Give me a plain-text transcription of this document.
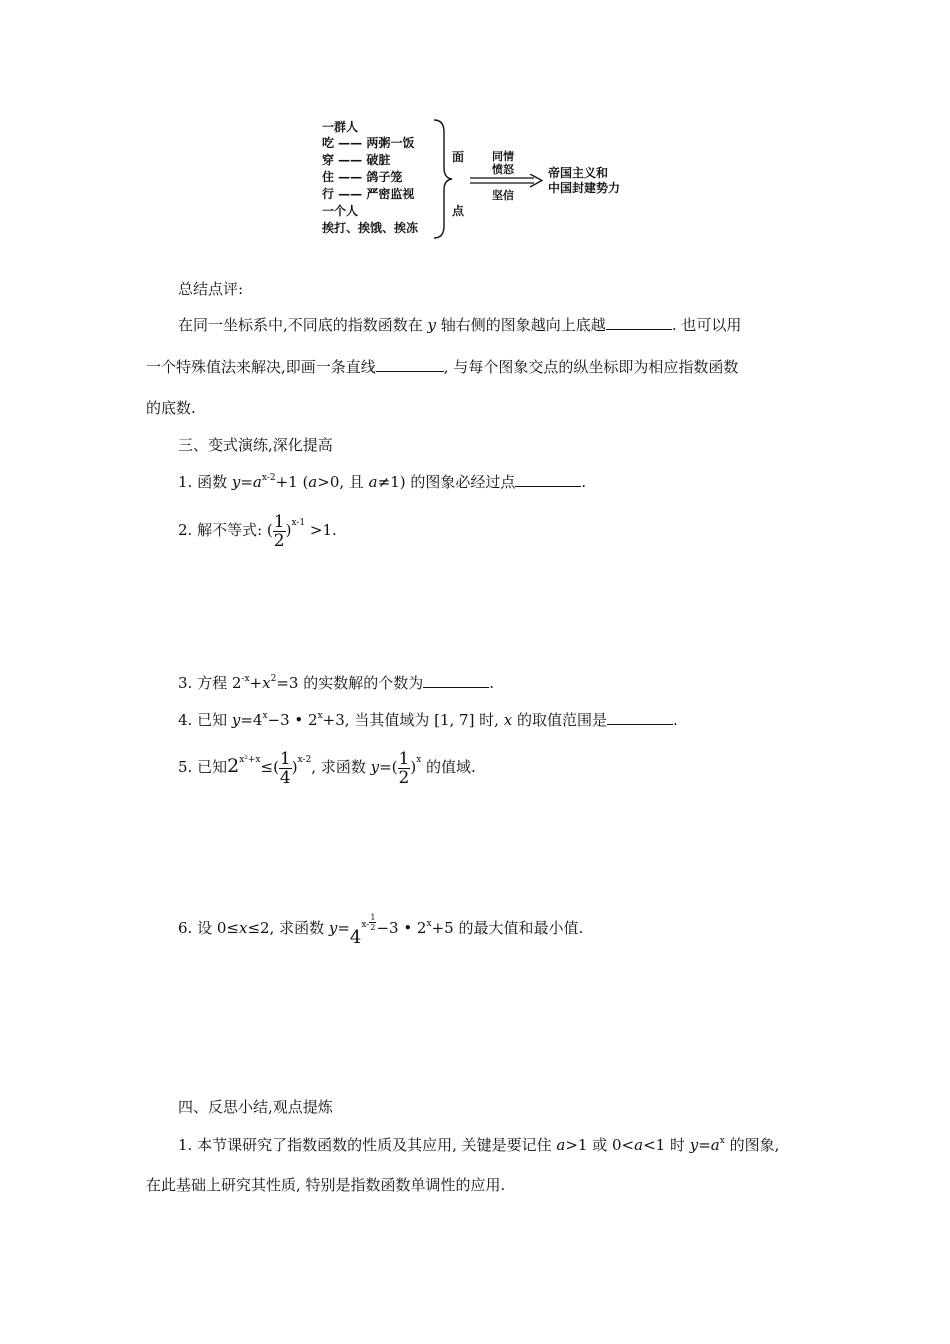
一群人
吃 —— 两粥一饭
穿 —— 破脏
住 —— 鸽子笼
行 —— 严密监视
一个人
挨打、挨饿、挨冻
面
点
同情
愤怒
坚信
帝国主义和
中国封建势力
总结点评:
在同一坐标系中,不同底的指数函数在 y 轴右侧的图象越向上底越	. 也可以用
一个特殊值法来解决,即画一条直线	, 与每个图象交点的纵坐标即为相应指数函数
的底数.
三、变式演练,深化提高
1. 函数 $y=a^{x-2}+1$ (a>0, 且 a≠1) 的图象必经过点	.
2. 解不等式: ( $\frac{1}{2} )^{x-1} >1$.
3. 方程 $2^{-x}+x^2=3$ 的实数解的个数为	.
4. 已知 $y=4^x-3$ • $2^x+3$, 当其值域为 [1, 7] 时, x 的取值范围是	.
5. 已知$2^{x^2+x}\le( \frac{1}{4} )^{x-2}$, 求函数 $y=( \frac{1}{2} )^x$ 的值域.
6. 设 0≤x≤2, 求函数 $y=4^{x-} \frac{1}{2} -3$ • $2^x+5$ 的最大值和最小值.
四、反思小结,观点提炼
1. 本节课研究了指数函数的性质及其应用, 关键是要记住 a>1 或 0<a<1 时 $y=a^x$ 的图象,
在此基础上研究其性质, 特别是指数函数单调性的应用.
